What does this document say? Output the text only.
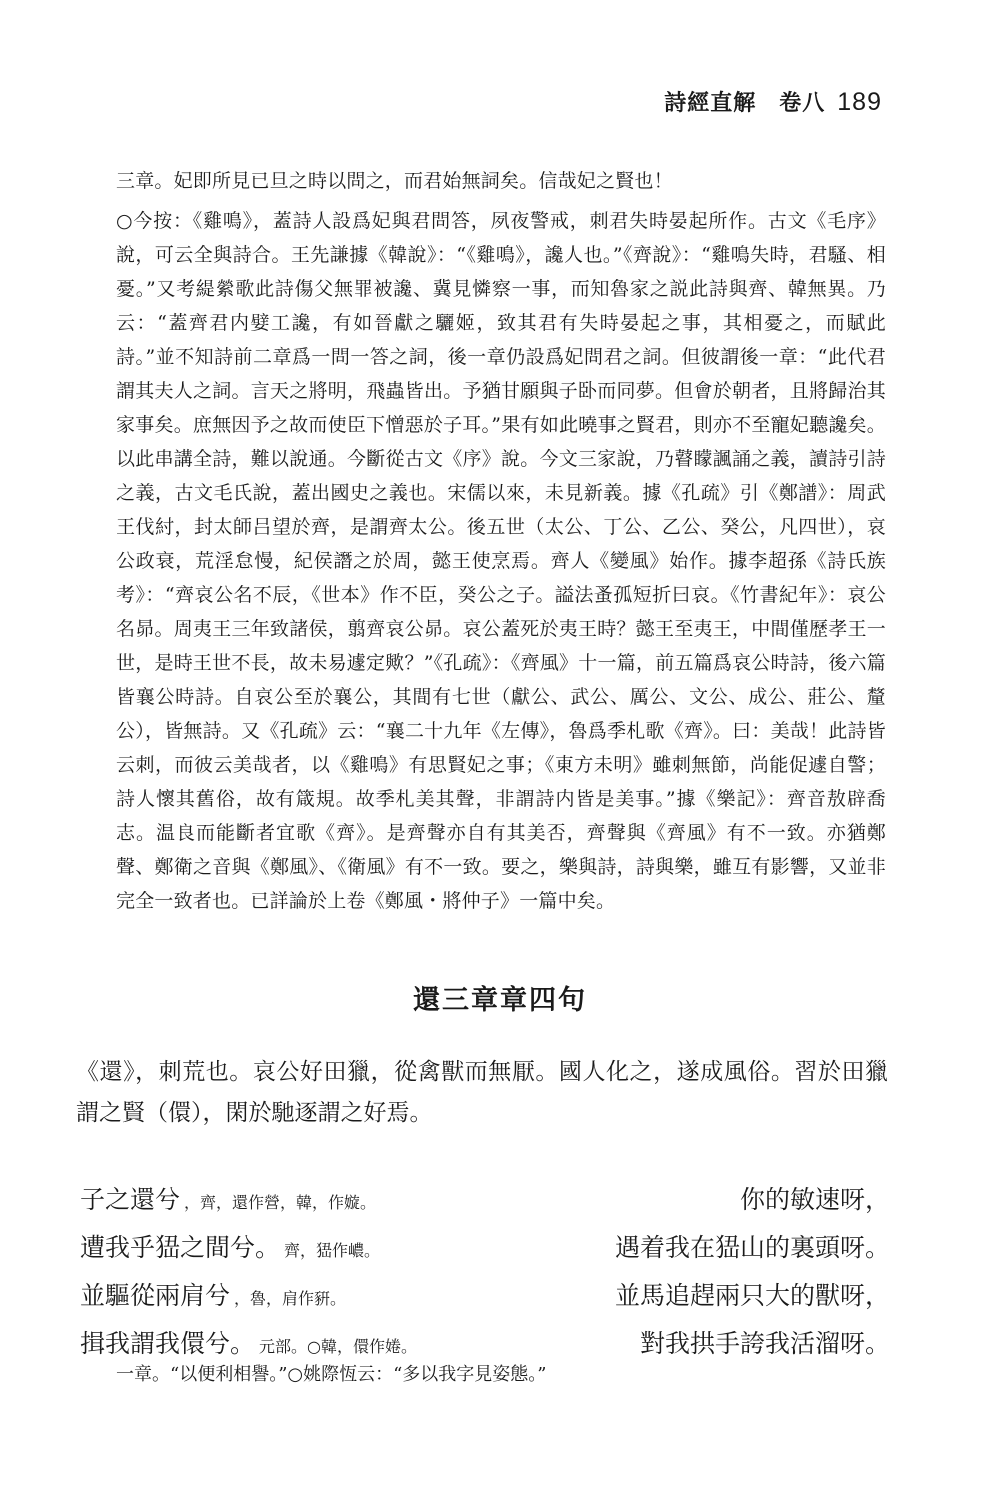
詩經直解　卷八 189

三章。妃即所見已旦之時以問之，而君始無詞矣。信哉妃之賢也！

○今按：《雞鳴》，蓋詩人設爲妃與君問答，夙夜警戒，刺君失時晏起所作。古文《毛序》說，可云全與詩合。王先謙據《韓說》：“《雞鳴》，讒人也。”《齊說》：“雞鳴失時，君騷、相憂。”又考緹縈歌此詩傷父無罪被讒、冀見憐察一事，而知魯家之説此詩與齊、韓無異。乃云：“蓋齊君内嬖工讒，有如晉獻之驪姬，致其君有失時晏起之事，其相憂之，而賦此詩。”並不知詩前二章爲一問一答之詞，後一章仍設爲妃問君之詞。但彼謂後一章：“此代君謂其夫人之詞。言天之將明，飛蟲皆出。予猶甘願與子卧而同夢。但會於朝者，且將歸治其家事矣。庶無因予之故而使臣下憎惡於子耳。”果有如此曉事之賢君，則亦不至寵妃聽讒矣。以此串講全詩，難以說通。今斷從古文《序》說。今文三家說，乃瞽矇諷誦之義，讀詩引詩之義，古文毛氏說，蓋出國史之義也。宋儒以來，未見新義。據《孔疏》引《鄭譜》：周武王伐紂，封太師吕望於齊，是謂齊太公。後五世（太公、丁公、乙公、癸公，凡四世），哀公政衰，荒淫怠慢，紀侯譖之於周，懿王使烹焉。齊人《變風》始作。據李超孫《詩氏族考》：“齊哀公名不辰，《世本》作不臣，癸公之子。謚法蚤孤短折曰哀。《竹書紀年》：哀公名昴。周夷王三年致諸侯，翦齊哀公昴。哀公蓋死於夷王時？懿王至夷王，中間僅歷孝王一世，是時王世不長，故未易遽定歟？”《孔疏》：《齊風》十一篇，前五篇爲哀公時詩，後六篇皆襄公時詩。自哀公至於襄公，其間有七世（獻公、武公、厲公、文公、成公、莊公、釐公），皆無詩。又《孔疏》云：“襄二十九年《左傳》，魯爲季札歌《齊》。曰：美哉！此詩皆云刺，而彼云美哉者，以《雞鳴》有思賢妃之事；《東方未明》雖刺無節，尚能促遽自警；詩人懷其舊俗，故有箴規。故季札美其聲，非謂詩内皆是美事。”據《樂記》：齊音敖辟喬志。温良而能斷者宜歌《齊》。是齊聲亦自有其美否，齊聲與《齊風》有不一致。亦猶鄭聲、鄭衛之音與《鄭風》、《衛風》有不一致。要之，樂與詩，詩與樂，雖互有影響，又並非完全一致者也。已詳論於上卷《鄭風・將仲子》一篇中矣。

還三章章四句

《還》，刺荒也。哀公好田獵，從禽獸而無厭。國人化之，遂成風俗。習於田獵謂之賢（儇），閑於馳逐謂之好焉。

子之還兮 ，齊，還作營，韓，作嫙。	你的敏速呀，
遭我乎峱之間兮。 齊，峱作嶩。	遇着我在峱山的裏頭呀。
並驅從兩肩兮 ，魯，肩作豣。	並馬追趕兩只大的獸呀，
揖我謂我儇兮。 元部。○韓，儇作婘。	對我拱手誇我活溜呀。
一章。“以便利相譽。”○姚際恆云：“多以我字見姿態。”
